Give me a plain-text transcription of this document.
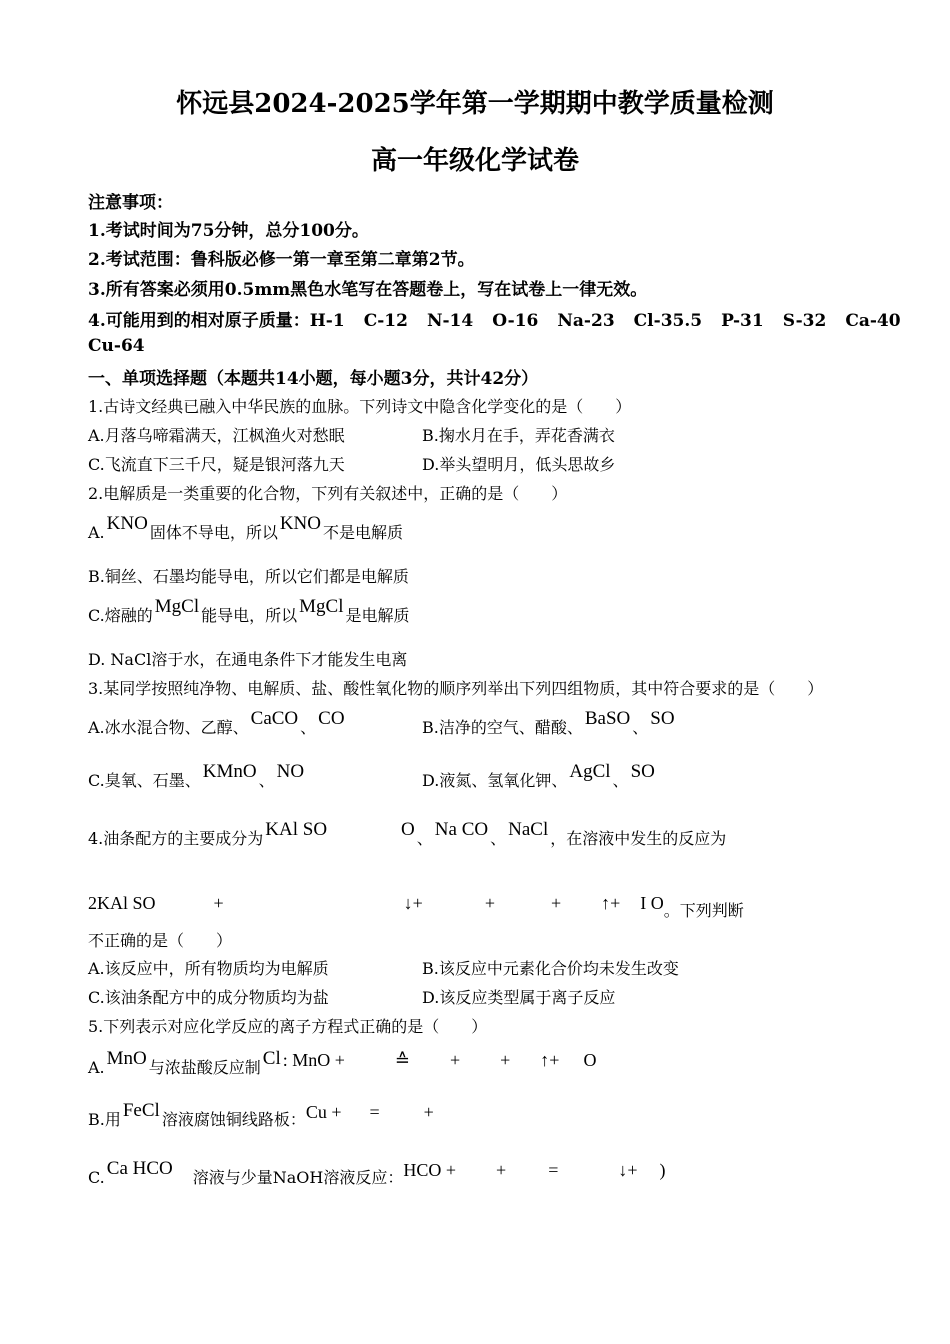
怀远县2024-2025学年第一学期期中教学质量检测
高一年级化学试卷
注意事项：
1.考试时间为75分钟，总分100分。
2.考试范围：鲁科版必修一第一章至第二章第2节。
3.所有答案必须用0.5mm黑色水笔写在答题卷上，写在试卷上一律无效。
4.可能用到的相对原子质量：H-1 C-12 N-14 O-16 Na-23 Cl-35.5 P-31 S-32 Ca-40
Cu-64
一、单项选择题（本题共14小题，每小题3分，共计42分）
1.古诗文经典已融入中华民族的血脉。下列诗文中隐含化学变化的是（　　）
A.月落乌啼霜满天，江枫渔火对愁眠	B.掬水月在手，弄花香满衣
C.飞流直下三千尺，疑是银河落九天	D.举头望明月，低头思故乡
2.电解质是一类重要的化合物，下列有关叙述中，正确的是（　　）
A. KNO 固体不导电，所以 KNO 不是电解质
B.铜丝、石墨均能导电，所以它们都是电解质
C.熔融的 MgCl 能导电，所以 MgCl 是电解质
D. NaCl溶于水，在通电条件下才能发生电离
3.某同学按照纯净物、电解质、盐、酸性氧化物的顺序列举出下列四组物质，其中符合要求的是（　　）
A.冰水混合物、乙醇、 CaCO 、 CO	B.洁净的空气、醋酸、 BaSO 、 SO
C.臭氧、石墨、 KMnO 、 NO	D.液氮、氢氧化钾、 AgCl 、 SO
4.油条配方的主要成分为 KAl SO	O 、 Na CO 、 NaCl ，在溶液中发生的反应为
2KAl SO	+	↓+	+	+ ↑+ I O。下列判断
不正确的是（　　）
A.该反应中，所有物质均为电解质	B.该反应中元素化合价均未发生改变
C.该油条配方中的成分物质均为盐	D.该反应类型属于离子反应
5.下列表示对应化学反应的离子方程式正确的是（　　）
A. MnO 与浓盐酸反应制 Cl : MnO +	≙ + + ↑+ O
B.用 FeCl 溶液腐蚀铜线路板：Cu + = +
C. Ca HCO 溶液与少量NaOH溶液反应：HCO + + =	↓+ )
